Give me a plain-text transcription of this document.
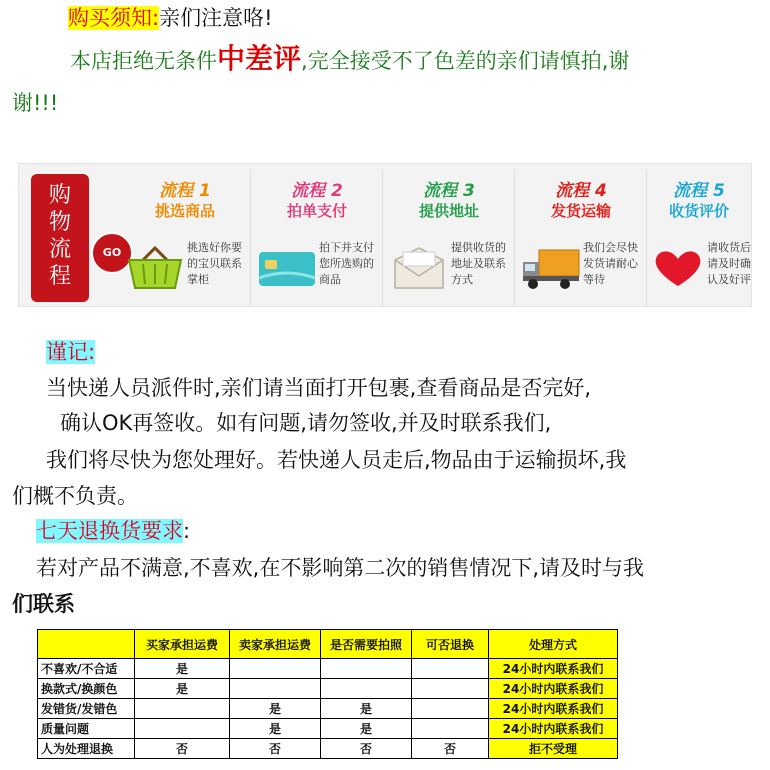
购买须知:亲们注意咯!
本店拒绝无条件中差评,完全接受不了色差的亲们请慎拍,谢
谢!!!
购
物
流
程
GO
流程 1
挑选商品
挑选好你要的宝贝联系掌柜
流程 2
拍单支付
拍下并支付您所选购的商品
流程 3
提供地址
提供收货的地址及联系方式
流程 4
发货运输
我们会尽快发货请耐心等待
流程 5
收货评价
请收货后请及时确认及好评
谨记:
当快递人员派件时,亲们请当面打开包裹,查看商品是否完好,
确认OK再签收。如有问题,请勿签收,并及时联系我们,
我们将尽快为您处理好。若快递人员走后,物品由于运输损坏,我
们概不负责。
七天退换货要求:
若对产品不满意,不喜欢,在不影响第二次的销售情况下,请及时与我
们联系
	买家承担运费	卖家承担运费	是否需要拍照	可否退换	处理方式
不喜欢/不合适	是				24小时内联系我们
换款式/换颜色	是				24小时内联系我们
发错货/发错色		是	是		24小时内联系我们
质量问题		是	是		24小时内联系我们
人为处理退换	否	否	否	否	拒不受理
